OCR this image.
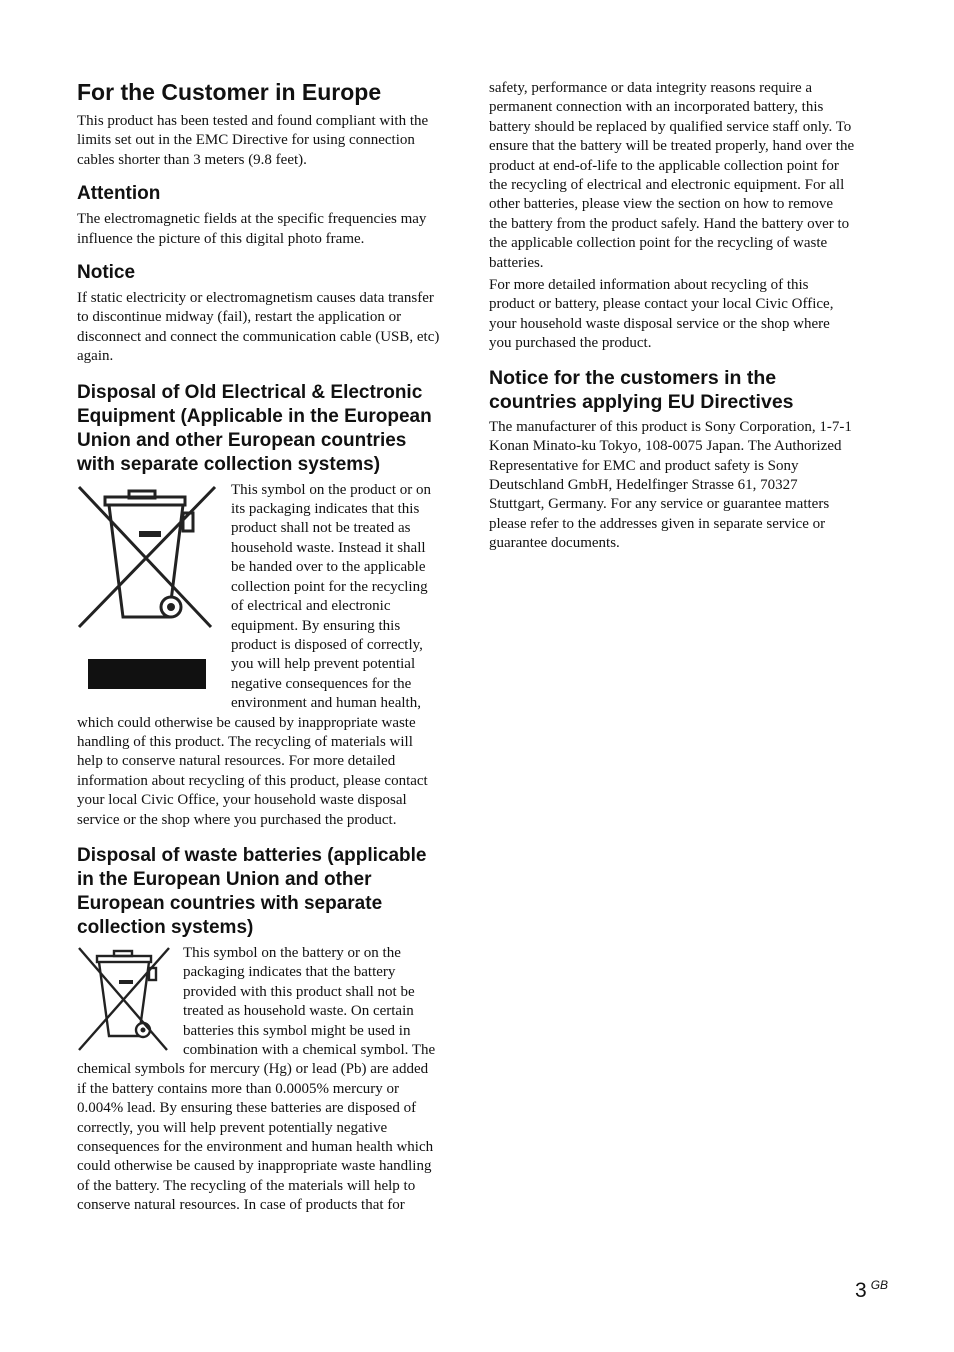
For the Customer in Europe

This product has been tested and found compliant with the limits set out in the EMC Directive for using connection cables shorter than 3 meters (9.8 feet).

Attention

The electromagnetic fields at the specific frequencies may influence the picture of this digital photo frame.

Notice

If static electricity or electromagnetism causes data transfer to discontinue midway (fail), restart the application or disconnect and connect the communication cable (USB, etc) again.

Disposal of Old Electrical & Electronic Equipment (Applicable in the European Union and other European countries with separate collection systems)

This symbol on the product or on its packaging indicates that this product shall not be treated as household waste. Instead it shall be handed over to the applicable collection point for the recycling of electrical and electronic equipment. By ensuring this product is disposed of correctly, you will help prevent potential negative consequences for the environment and human health, which could otherwise be caused by inappropriate waste handling of this product. The recycling of materials will help to conserve natural resources. For more detailed information about recycling of this product, please contact your local Civic Office, your household waste disposal service or the shop where you purchased the product.

Disposal of waste batteries (applicable in the European Union and other European countries with separate collection systems)

This symbol on the battery or on the packaging indicates that the battery provided with this product shall not be treated as household waste. On certain batteries this symbol might be used in combination with a chemical symbol. The chemical symbols for mercury (Hg) or lead (Pb) are added if the battery contains more than 0.0005% mercury or 0.004% lead. By ensuring these batteries are disposed of correctly, you will help prevent potentially negative consequences for the environment and human health which could otherwise be caused by inappropriate waste handling of the battery. The recycling of the materials will help to conserve natural resources. In case of products that for

safety, performance or data integrity reasons require a permanent connection with an incorporated battery, this battery should be replaced by qualified service staff only. To ensure that the battery will be treated properly, hand over the product at end-of-life to the applicable collection point for the recycling of electrical and electronic equipment. For all other batteries, please view the section on how to remove the battery from the product safely. Hand the battery over to the applicable collection point for the recycling of waste batteries.

For more detailed information about recycling of this product or battery, please contact your local Civic Office, your household waste disposal service or the shop where you purchased the product.

Notice for the customers in the countries applying EU Directives

The manufacturer of this product is Sony Corporation, 1-7-1 Konan Minato-ku Tokyo, 108-0075 Japan. The Authorized Representative for EMC and product safety is Sony Deutschland GmbH, Hedelfinger Strasse 61, 70327 Stuttgart, Germany. For any service or guarantee matters please refer to the addresses given in separate service or guarantee documents.

3 $^{GB}$
